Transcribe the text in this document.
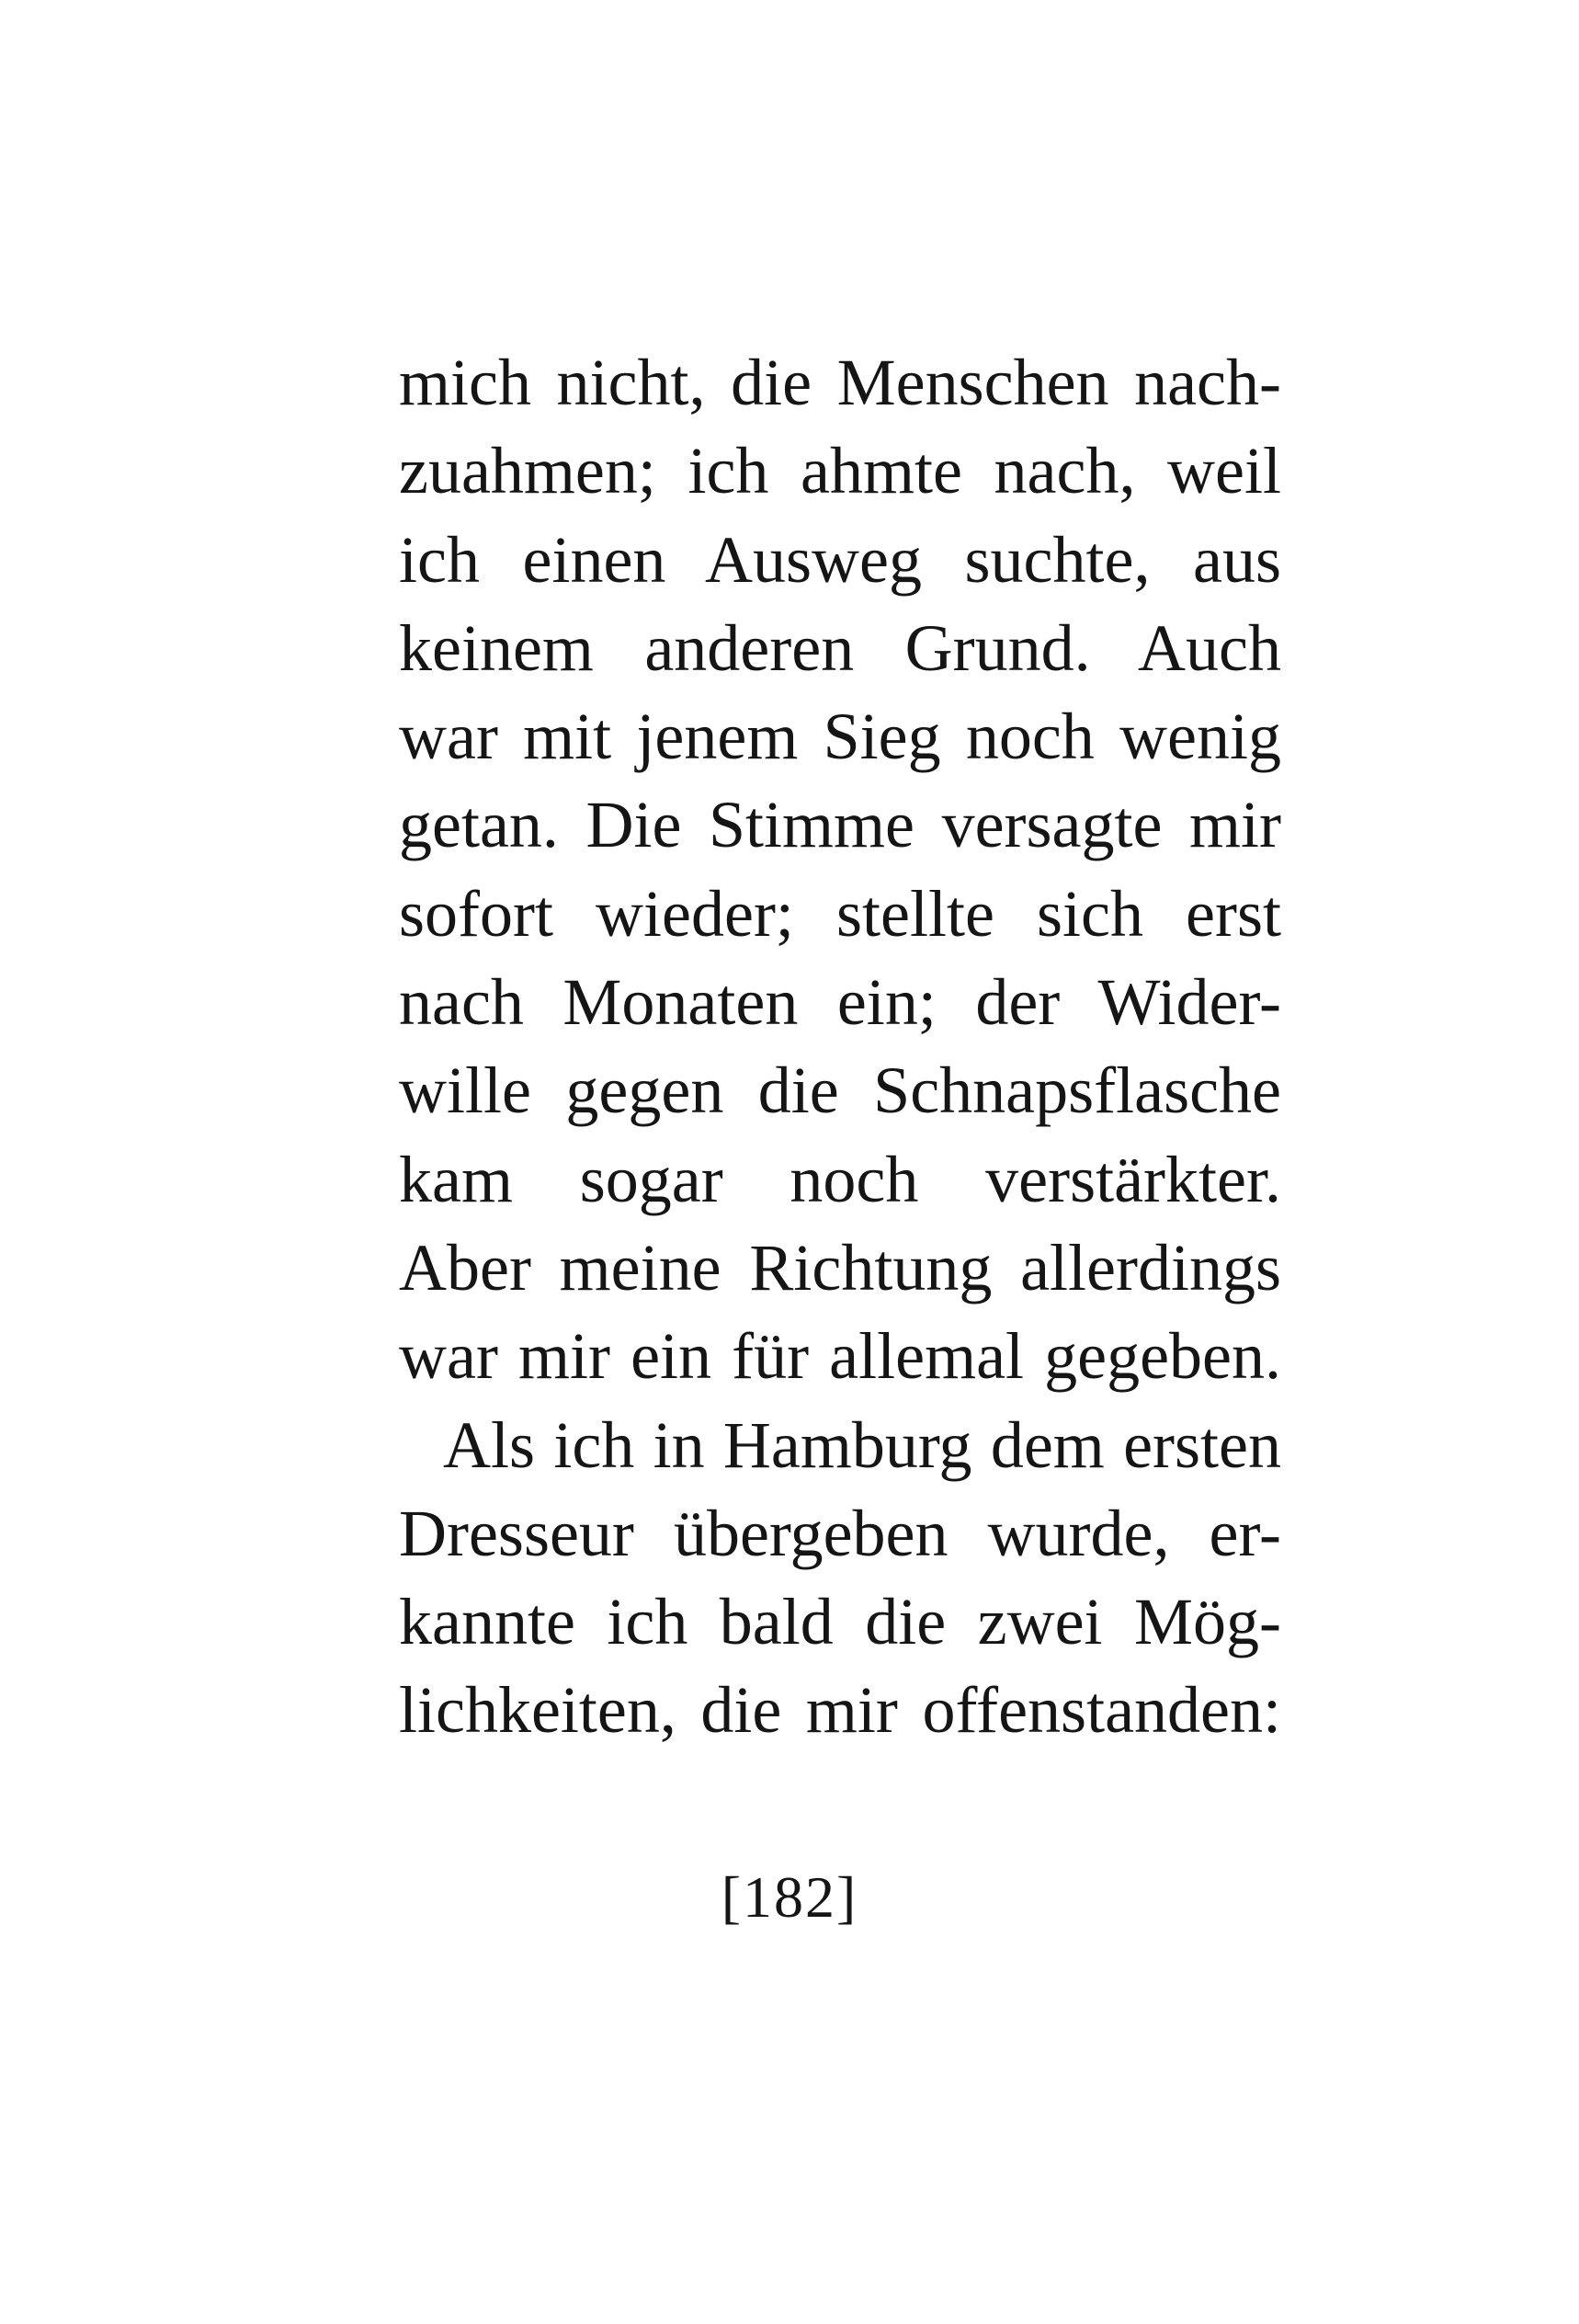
mich nicht, die Menschen nach-
zuahmen; ich ahmte nach, weil
ich einen Ausweg suchte, aus
keinem anderen Grund. Auch
war mit jenem Sieg noch wenig
getan. Die Stimme versagte mir
sofort wieder; stellte sich erst
nach Monaten ein; der Wider-
wille gegen die Schnapsflasche
kam sogar noch verstärkter.
Aber meine Richtung allerdings
war mir ein für allemal gegeben.
Als ich in Hamburg dem ersten
Dresseur übergeben wurde, er-
kannte ich bald die zwei Mög-
lichkeiten, die mir offenstanden:
[182]
